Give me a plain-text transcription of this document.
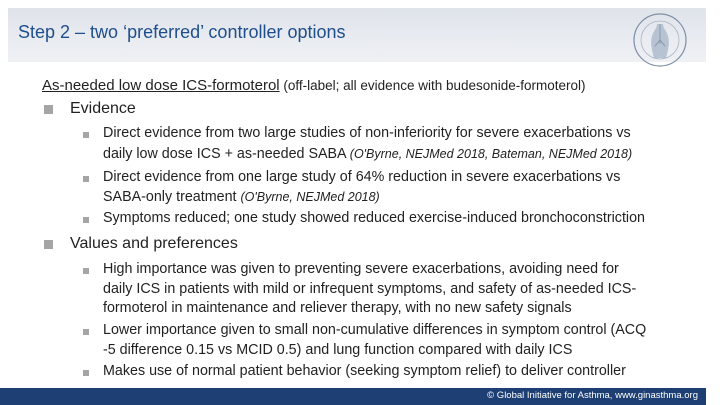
Step 2 – two ‘preferred’ controller options
As-needed low dose ICS-formoterol (off-label; all evidence with budesonide-formoterol)
Evidence
Direct evidence from two large studies of non-inferiority for severe exacerbations vs
daily low dose ICS + as-needed SABA (O'Byrne, NEJMed 2018, Bateman, NEJMed 2018)
Direct evidence from one large study of 64% reduction in severe exacerbations vs
SABA-only treatment (O'Byrne, NEJMed 2018)
Symptoms reduced; one study showed reduced exercise-induced bronchoconstriction
Values and preferences
High importance was given to preventing severe exacerbations, avoiding need for
daily ICS in patients with mild or infrequent symptoms, and safety of as-needed ICS-
formoterol in maintenance and reliever therapy, with no new safety signals
Lower importance given to small non-cumulative differences in symptom control (ACQ
-5 difference 0.15 vs MCID 0.5) and lung function compared with daily ICS
Makes use of normal patient behavior (seeking symptom relief) to deliver controller
© Global Initiative for Asthma, www.ginasthma.org
